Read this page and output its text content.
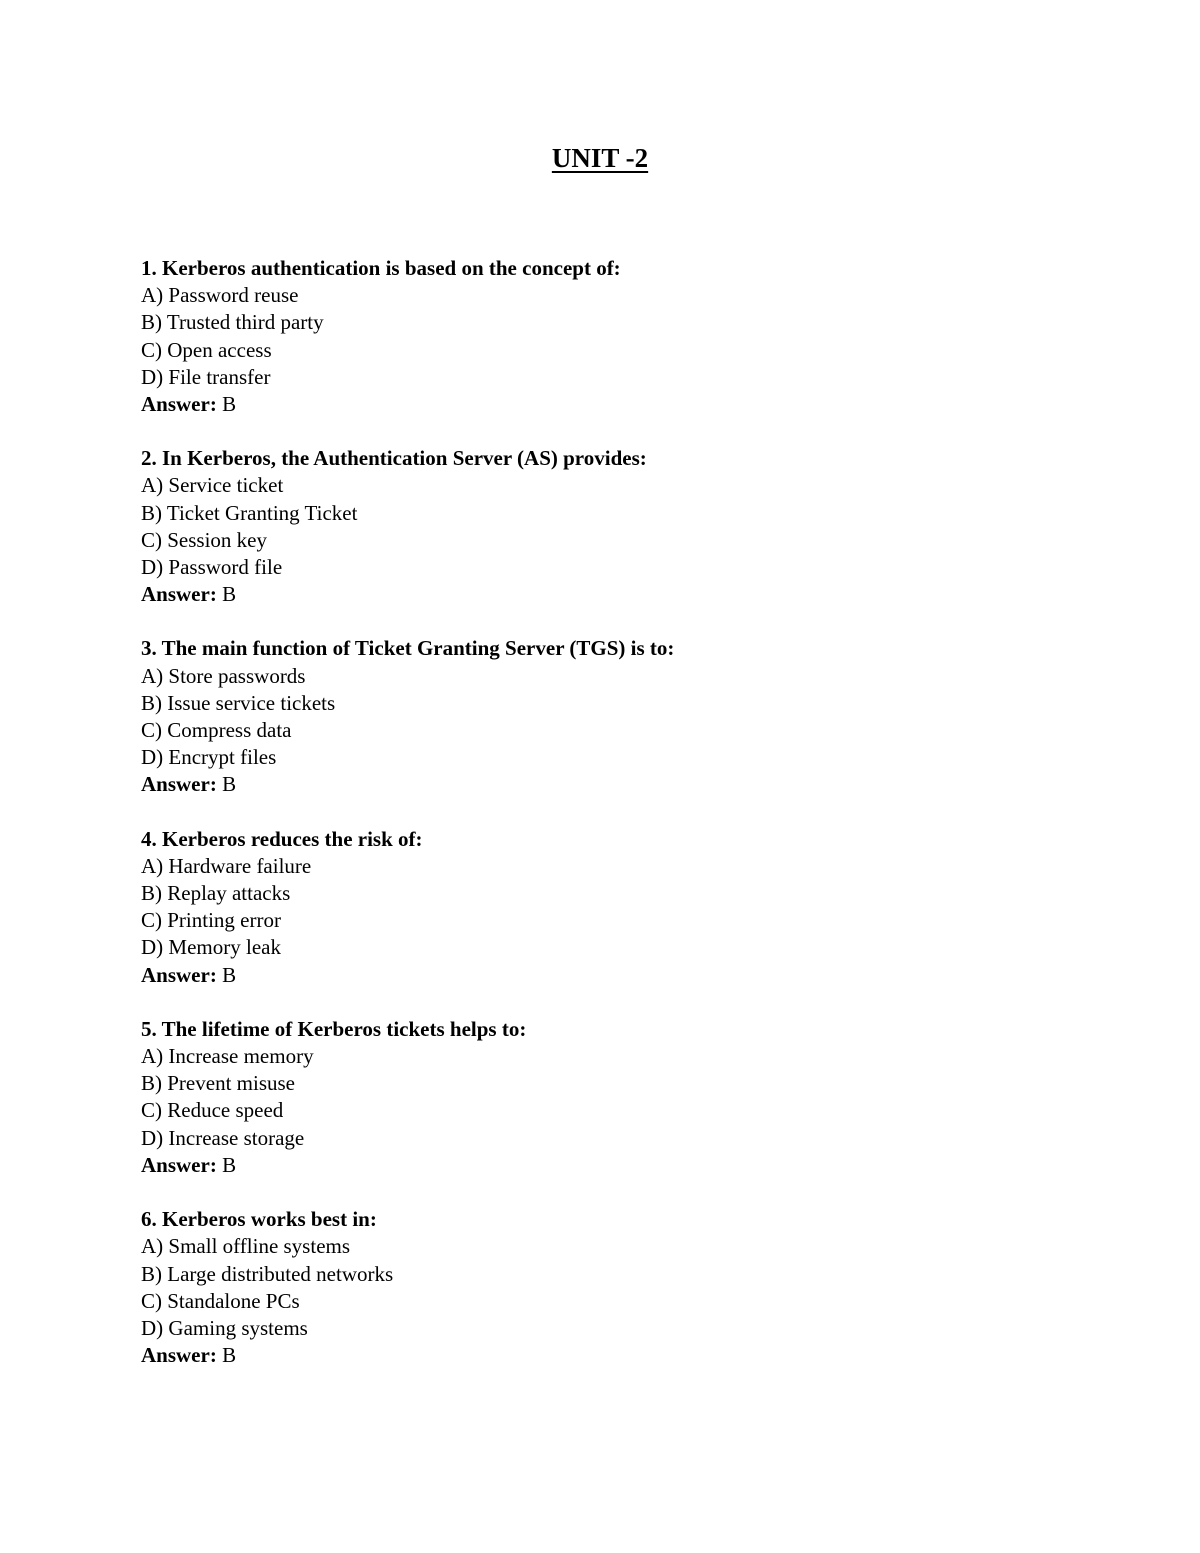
UNIT -2
1. Kerberos authentication is based on the concept of:
A) Password reuse
B) Trusted third party
C) Open access
D) File transfer
Answer: B
2. In Kerberos, the Authentication Server (AS) provides:
A) Service ticket
B) Ticket Granting Ticket
C) Session key
D) Password file
Answer: B
3. The main function of Ticket Granting Server (TGS) is to:
A) Store passwords
B) Issue service tickets
C) Compress data
D) Encrypt files
Answer: B
4. Kerberos reduces the risk of:
A) Hardware failure
B) Replay attacks
C) Printing error
D) Memory leak
Answer: B
5. The lifetime of Kerberos tickets helps to:
A) Increase memory
B) Prevent misuse
C) Reduce speed
D) Increase storage
Answer: B
6. Kerberos works best in:
A) Small offline systems
B) Large distributed networks
C) Standalone PCs
D) Gaming systems
Answer: B
